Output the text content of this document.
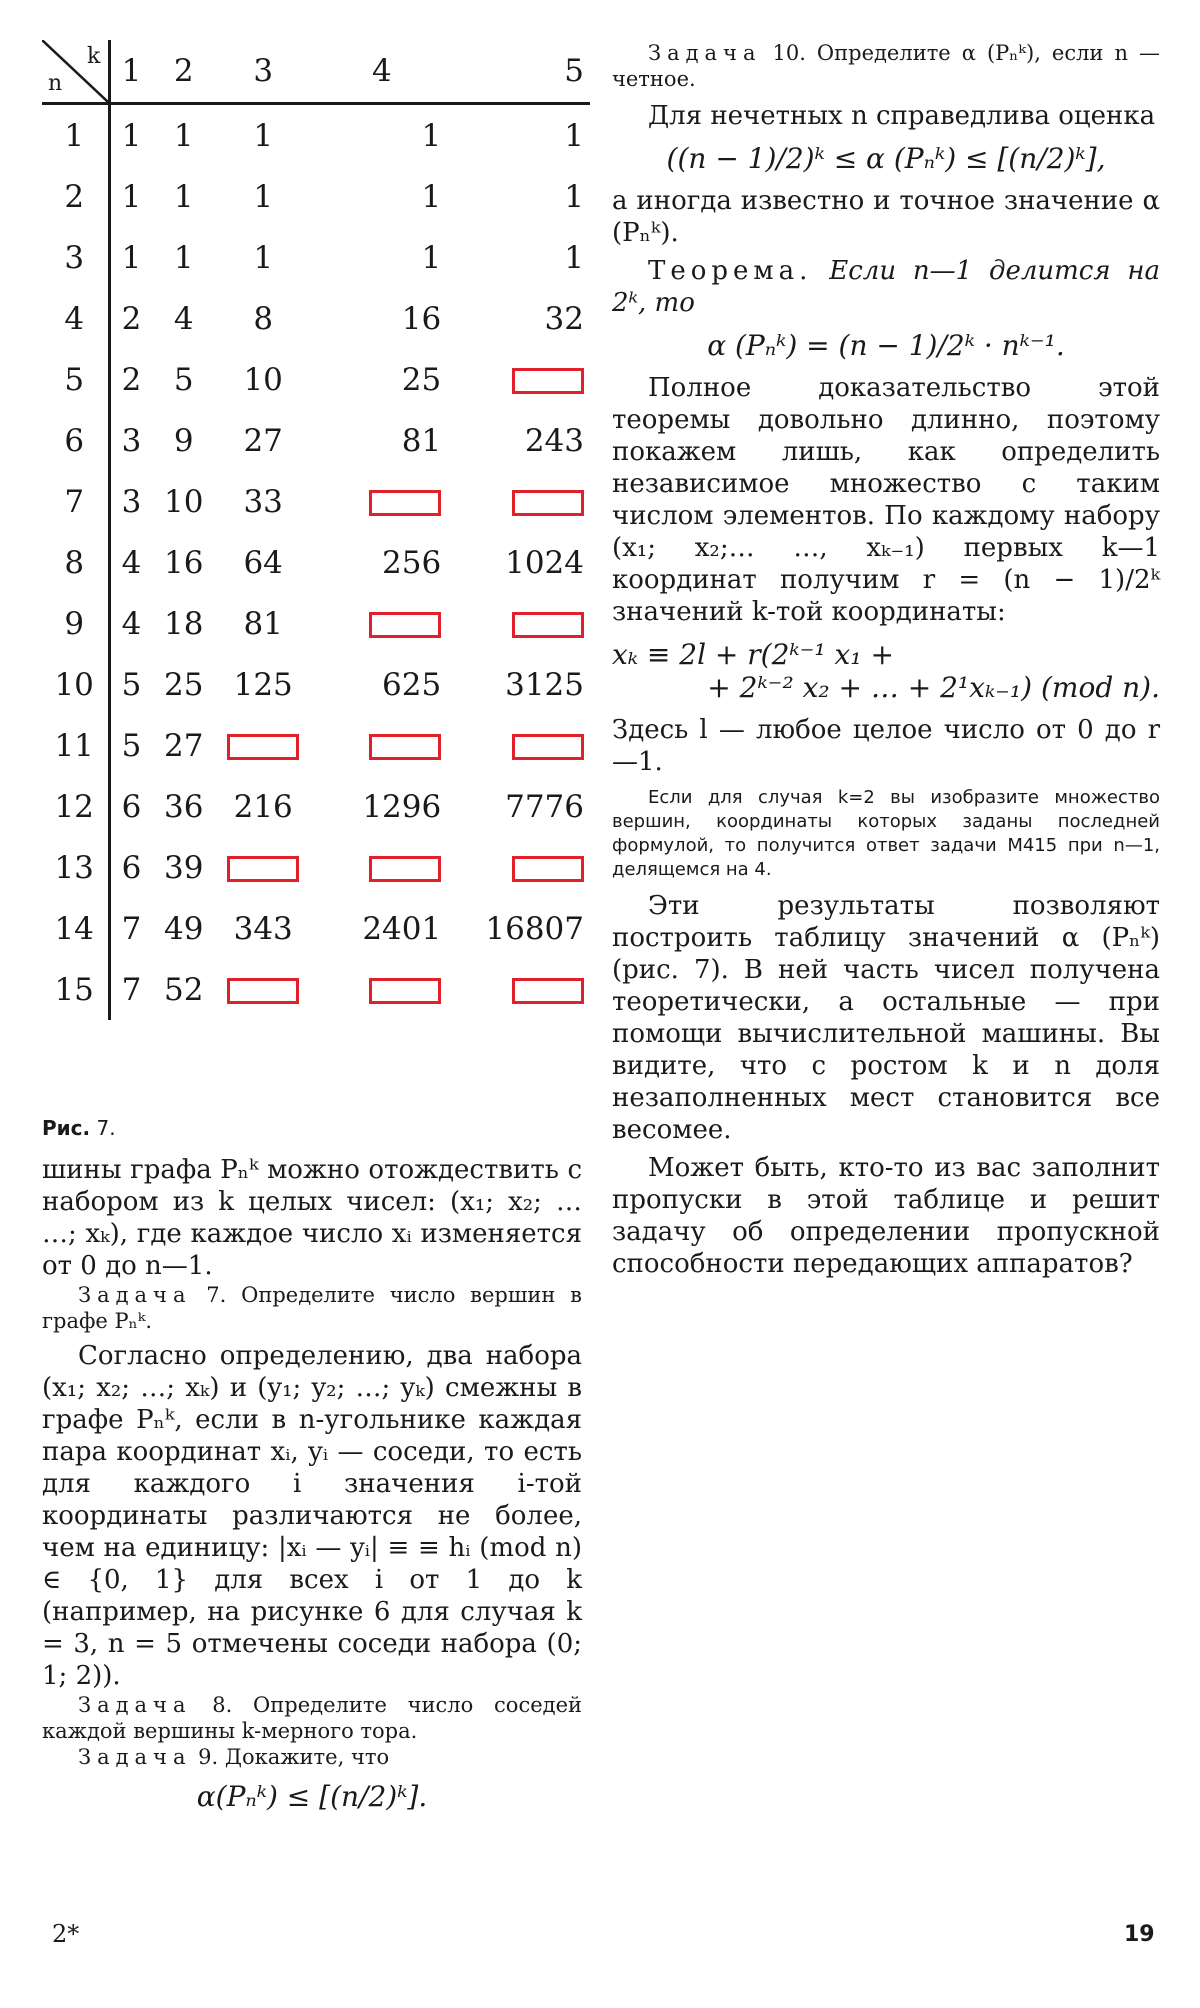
k
n	1	2	3	4	5
1	1	1	1	1	1
2	1	1	1	1	1
3	1	1	1	1	1
4	2	4	8	16	32
5	2	5	10	25	
6	3	9	27	81	243
7	3	10	33		
8	4	16	64	256	1024
9	4	18	81		
10	5	25	125	625	3125
11	5	27			
12	6	36	216	1296	7776
13	6	39			
14	7	49	343	2401	16807
15	7	52			
Рис. 7.

шины графа Pₙᵏ можно отождествить с набором из k целых чисел: (x₁; x₂; … …; xₖ), где каждое число xᵢ изменяется от 0 до n—1.

Задача 7. Определите число вершин в графе Pₙᵏ.

Согласно определению, два набора (x₁; x₂; …; xₖ) и (y₁; y₂; …; yₖ) смежны в графе Pₙᵏ, если в n-угольнике каждая пара координат xᵢ, yᵢ — соседи, то есть для каждого i значения i-той координаты различаются не более, чем на единицу: |xᵢ — yᵢ| ≡ ≡ hᵢ (mod n) ∈ {0, 1} для всех i от 1 до k (например, на рисунке 6 для случая k = 3, n = 5 отмечены соседи набора (0; 1; 2)).

Задача 8. Определите число соседей каждой вершины k-мерного тора.

Задача 9. Докажите, что

α(Pₙᵏ) ≤ [(n/2)ᵏ].

Задача 10. Определите α (Pₙᵏ), если n — четное.

Для нечетных n справедлива оценка

((n − 1)/2)ᵏ ≤ α (Pₙᵏ) ≤ [(n/2)ᵏ],

а иногда известно и точное значение α (Pₙᵏ).

Теорема. Если n—1 делится на 2ᵏ, то

α (Pₙᵏ) = (n − 1)/2ᵏ · nᵏ⁻¹.

Полное доказательство этой теоремы довольно длинно, поэтому покажем лишь, как определить независимое множество с таким числом элементов. По каждому набору (x₁; x₂;… …, xₖ₋₁) первых k—1 координат получим r = (n − 1)/2ᵏ значений k-той координаты:

xₖ ≡ 2l + r(2ᵏ⁻¹ x₁ +

+ 2ᵏ⁻² x₂ + … + 2¹xₖ₋₁) (mod n).

Здесь l — любое целое число от 0 до r—1.

Если для случая k=2 вы изобразите множество вершин, координаты которых заданы последней формулой, то получится ответ задачи М415 при n—1, делящемся на 4.

Эти результаты позволяют построить таблицу значений α (Pₙᵏ) (рис. 7). В ней часть чисел получена теоретически, а остальные — при помощи вычислительной машины. Вы видите, что с ростом k и n доля незаполненных мест становится все весомее.

Может быть, кто-то из вас заполнит пропуски в этой таблице и решит задачу об определении пропускной способности передающих аппаратов?

2*	19
